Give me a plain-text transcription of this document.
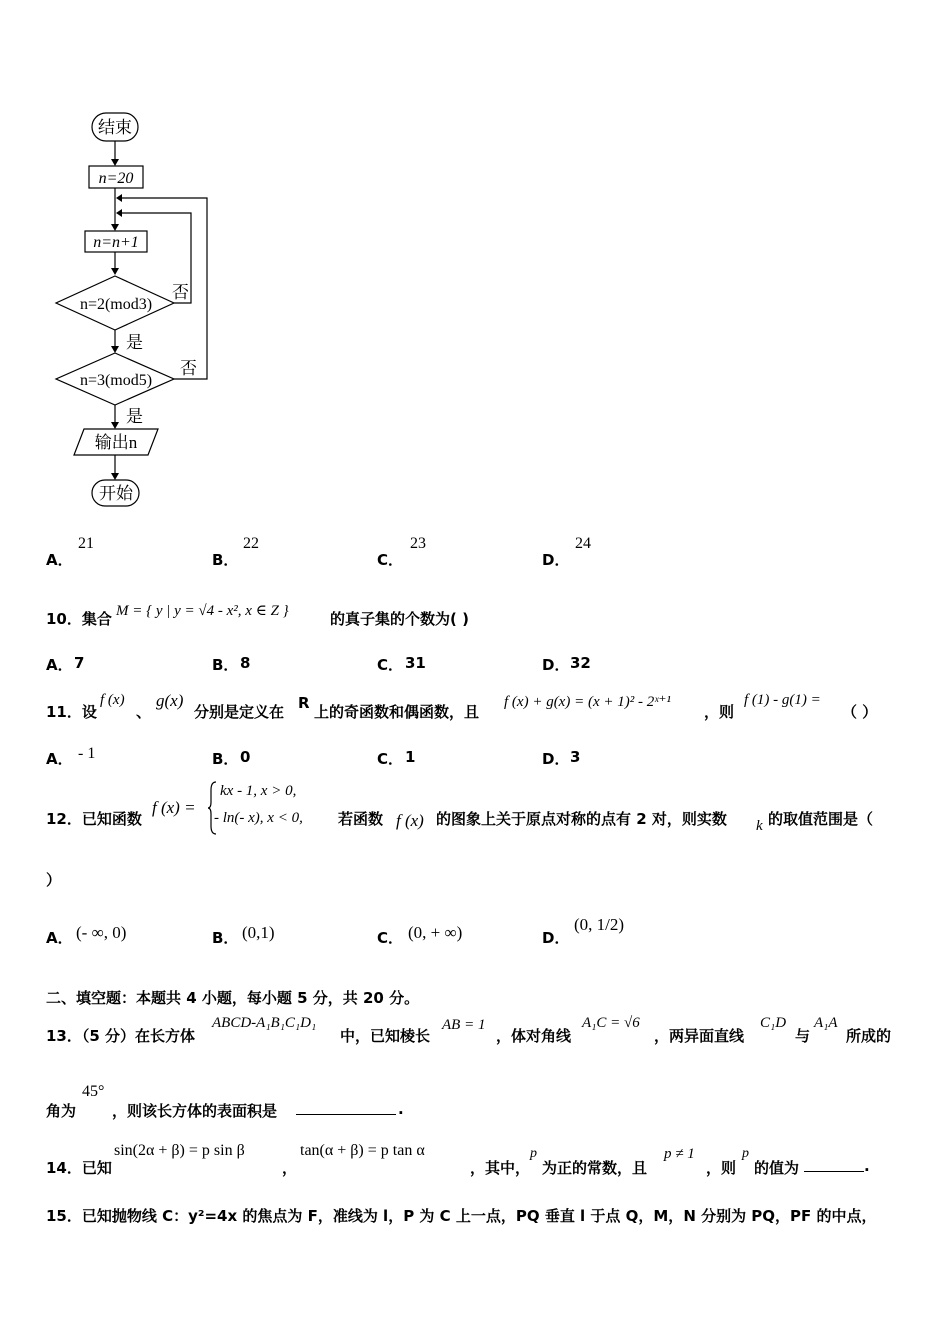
结束
n=20
n=n+1
n=2(mod3)
否
是
n=3(mod5)
否
是
输出n
开始
A．
21
B．
22
C．
23
D．
24
10．集合 M = { y | y = √4 - x², x ∈ Z }	的真子集的个数为( )
A． 7	B． 8	C． 31	D． 32
11．设
f (x)
、
g(x)
分别是定义在 R 上的奇函数和偶函数，且
f (x) + g(x) = (x + 1)² - 2ˣ⁺¹
，则
f (1) - g(1) =
（ ）
A． - 1	B． 0	C． 1	D． 3
12．已知函数
f (x) =
kx - 1, x > 0,
- ln(- x), x < 0, 若函数 f (x) 的图象上关于原点对称的点有 2 对，则实数 k 的取值范围是（
）
A． (- ∞, 0)	B． (0,1)	C． (0, + ∞)	D．
(0, 1/2)
二、填空题：本题共 4 小题，每小题 5 分，共 20 分。
13．（5 分）在长方体
ABCD-A₁B₁C₁D₁
中，已知棱长
AB = 1
，体对角线
A₁C = √6
，两异面直线
C₁D
与
A₁A
所成的
角为
45°
，则该长方体的表面积是	.
14．已知
sin(2α + β) = p sin β
，
tan(α + β) = p tan α
，其中，
p
为正的常数，且
p ≠ 1
，则
p
的值为	.
15．已知抛物线 C：y²=4x 的焦点为 F，准线为 l，P 为 C 上一点，PQ 垂直 l 于点 Q，M，N 分别为 PQ，PF 的中点，
